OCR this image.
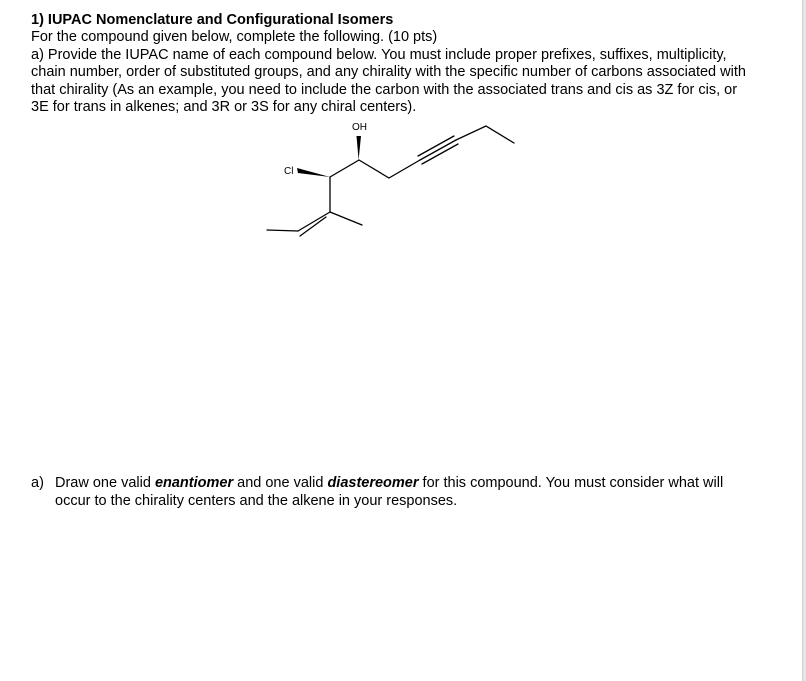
1) IUPAC Nomenclature and Configurational Isomers
For the compound given below, complete the following. (10 pts)
a) Provide the IUPAC name of each compound below. You must include proper prefixes, suffixes, multiplicity,
chain number, order of substituted groups, and any chirality with the specific number of carbons associated with
that chirality (As an example, you need to include the carbon with the associated trans and cis as 3Z for cis, or
3E for trans in alkenes; and 3R or 3S for any chiral centers).
OH
Cl
a) Draw one valid enantiomer and one valid diastereomer for this compound. You must consider what will
occur to the chirality centers and the alkene in your responses.
